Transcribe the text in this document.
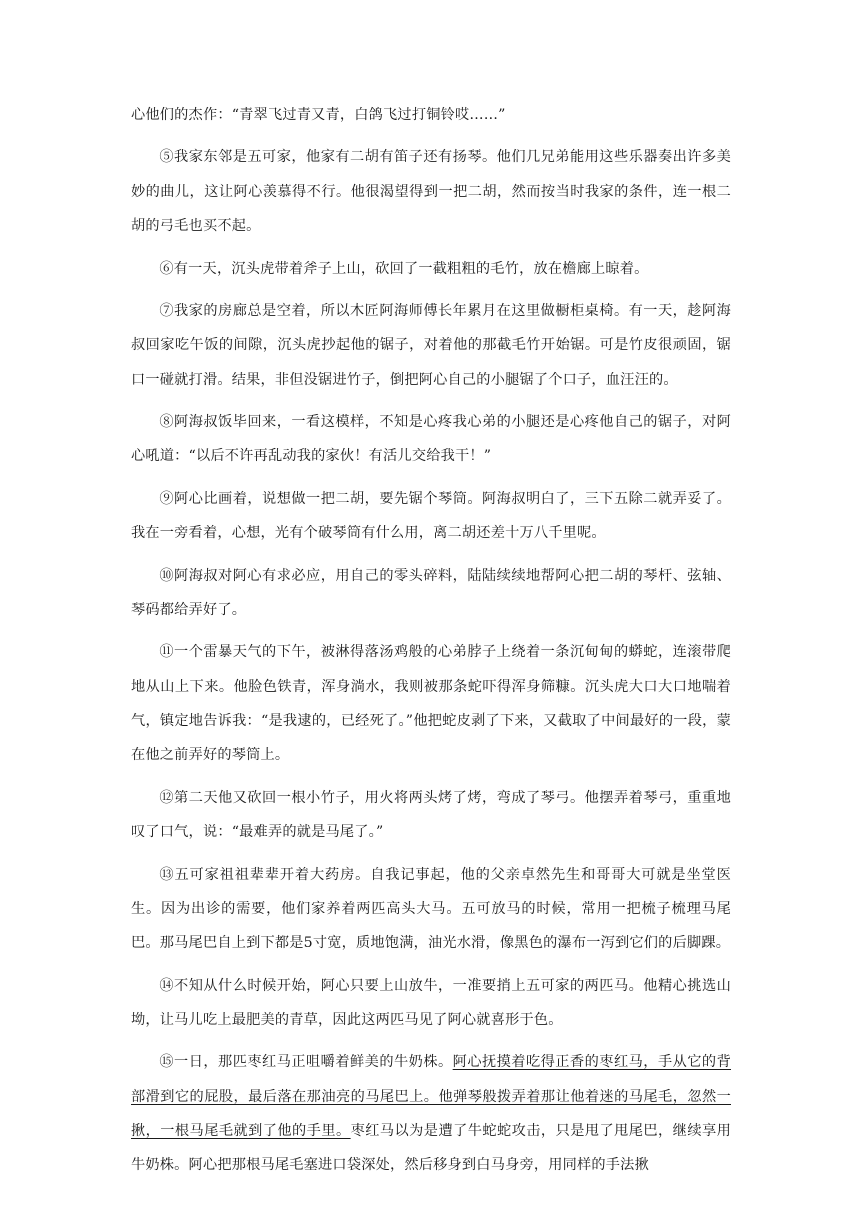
心他们的杰作：“青翠飞过青又青，白鸽飞过打铜铃哎……”

⑤我家东邻是五可家，他家有二胡有笛子还有扬琴。他们几兄弟能用这些乐器奏出许多美妙的曲儿，这让阿心羡慕得不行。他很渴望得到一把二胡，然而按当时我家的条件，连一根二胡的弓毛也买不起。

⑥有一天，沉头虎带着斧子上山，砍回了一截粗粗的毛竹，放在檐廊上晾着。

⑦我家的房廊总是空着，所以木匠阿海师傅长年累月在这里做橱柜桌椅。有一天，趁阿海叔回家吃午饭的间隙，沉头虎抄起他的锯子，对着他的那截毛竹开始锯。可是竹皮很顽固，锯口一碰就打滑。结果，非但没锯进竹子，倒把阿心自己的小腿锯了个口子，血汪汪的。

⑧阿海叔饭毕回来，一看这模样，不知是心疼我心弟的小腿还是心疼他自己的锯子，对阿心吼道：“以后不许再乱动我的家伙！有活儿交给我干！”

⑨阿心比画着，说想做一把二胡，要先锯个琴筒。阿海叔明白了，三下五除二就弄妥了。我在一旁看着，心想，光有个破琴筒有什么用，离二胡还差十万八千里呢。

⑩阿海叔对阿心有求必应，用自己的零头碎料，陆陆续续地帮阿心把二胡的琴杆、弦轴、琴码都给弄好了。

⑪一个雷暴天气的下午，被淋得落汤鸡般的心弟脖子上绕着一条沉甸甸的蟒蛇，连滚带爬地从山上下来。他脸色铁青，浑身淌水，我则被那条蛇吓得浑身筛糠。沉头虎大口大口地喘着气，镇定地告诉我：“是我逮的，已经死了。”他把蛇皮剥了下来，又截取了中间最好的一段，蒙在他之前弄好的琴筒上。

⑫第二天他又砍回一根小竹子，用火将两头烤了烤，弯成了琴弓。他摆弄着琴弓，重重地叹了口气，说：“最难弄的就是马尾了。”

⑬五可家祖祖辈辈开着大药房。自我记事起，他的父亲卓然先生和哥哥大可就是坐堂医生。因为出诊的需要，他们家养着两匹高头大马。五可放马的时候，常用一把梳子梳理马尾巴。那马尾巴自上到下都是5寸宽，质地饱满，油光水滑，像黑色的瀑布一泻到它们的后脚踝。

⑭不知从什么时候开始，阿心只要上山放牛，一准要捎上五可家的两匹马。他精心挑选山坳，让马儿吃上最肥美的青草，因此这两匹马见了阿心就喜形于色。

⑮一日，那匹枣红马正咀嚼着鲜美的牛奶株。阿心抚摸着吃得正香的枣红马，手从它的背部滑到它的屁股，最后落在那油亮的马尾巴上。他弹琴般拨弄着那让他着迷的马尾毛，忽然一揪，一根马尾毛就到了他的手里。枣红马以为是遭了牛蛇蛇攻击，只是甩了甩尾巴，继续享用牛奶株。阿心把那根马尾毛塞进口袋深处，然后移身到白马身旁，用同样的手法揪
